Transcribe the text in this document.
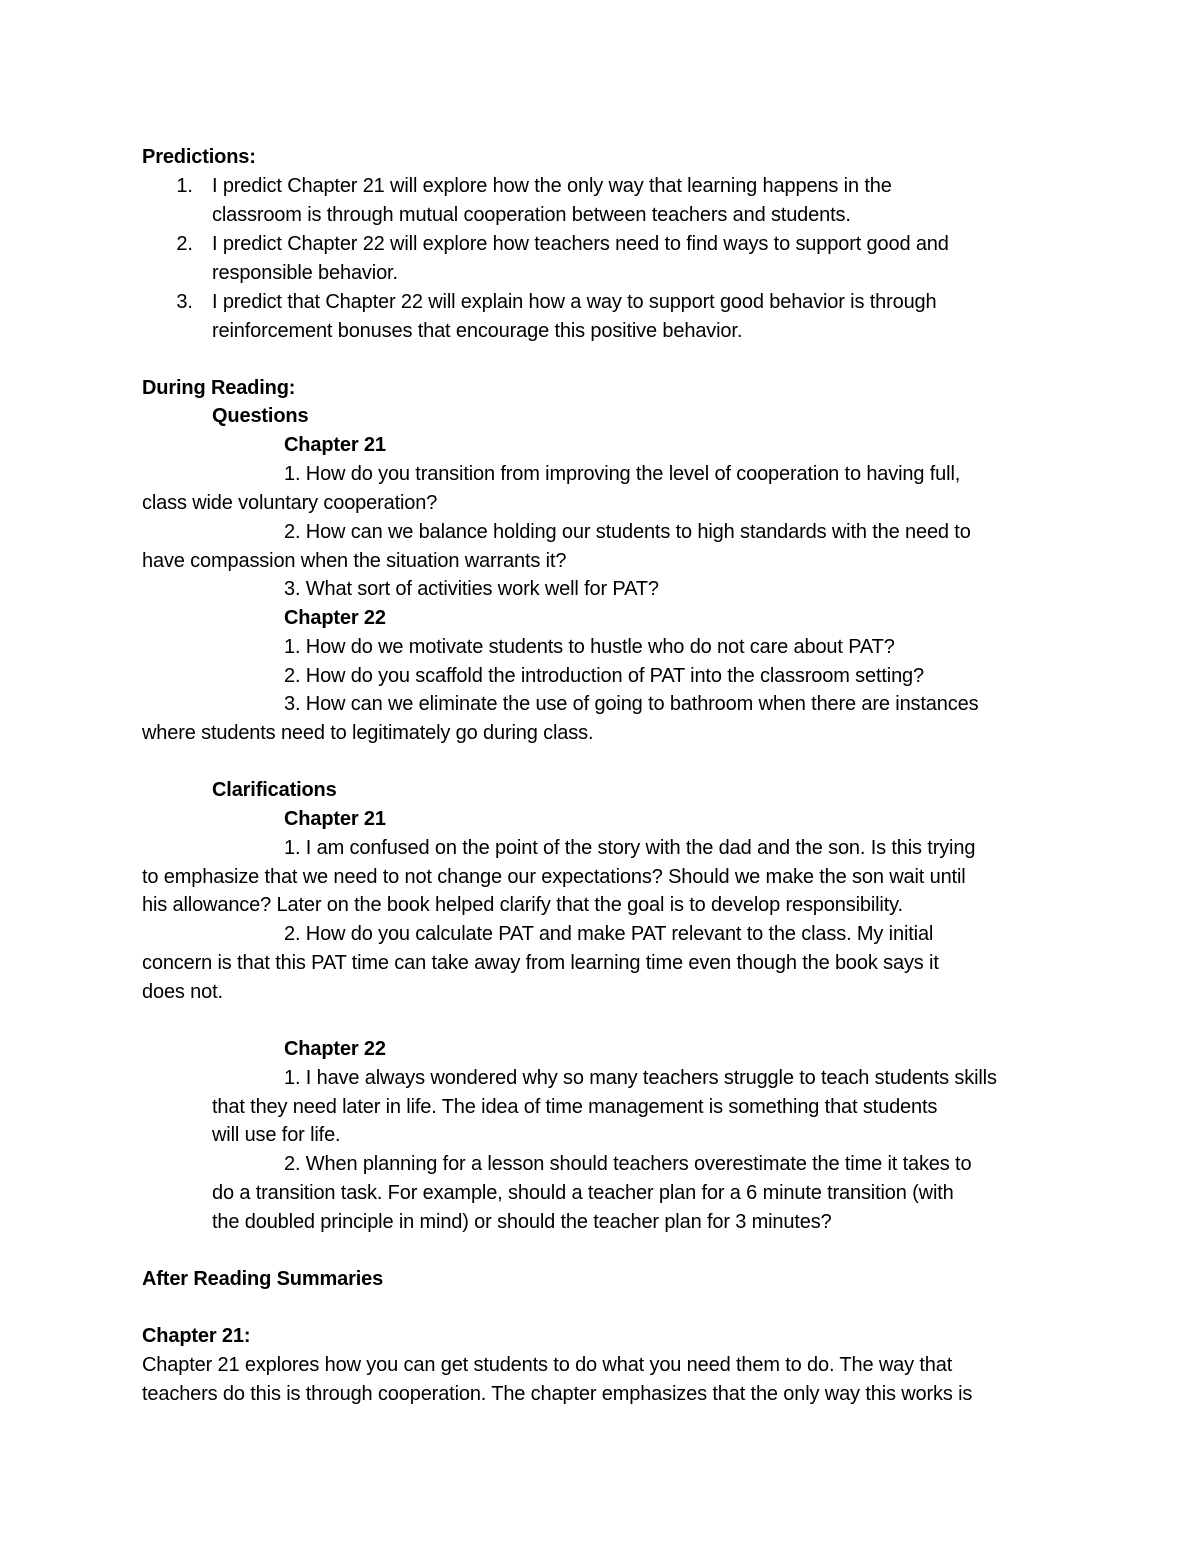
Predictions:
1. I predict Chapter 21 will explore how the only way that learning happens in the
classroom is through mutual cooperation between teachers and students.
2. I predict Chapter 22 will explore how teachers need to find ways to support good and
responsible behavior.
3. I predict that Chapter 22 will explain how a way to support good behavior is through
reinforcement bonuses that encourage this positive behavior.
During Reading:
Questions
Chapter 21
1. How do you transition from improving the level of cooperation to having full,
class wide voluntary cooperation?
2. How can we balance holding our students to high standards with the need to
have compassion when the situation warrants it?
3. What sort of activities work well for PAT?
Chapter 22
1. How do we motivate students to hustle who do not care about PAT?
2. How do you scaffold the introduction of PAT into the classroom setting?
3. How can we eliminate the use of going to bathroom when there are instances
where students need to legitimately go during class.
Clarifications
Chapter 21
1. I am confused on the point of the story with the dad and the son. Is this trying
to emphasize that we need to not change our expectations? Should we make the son wait until
his allowance? Later on the book helped clarify that the goal is to develop responsibility.
2. How do you calculate PAT and make PAT relevant to the class. My initial
concern is that this PAT time can take away from learning time even though the book says it
does not.
Chapter 22
1. I have always wondered why so many teachers struggle to teach students skills
that they need later in life. The idea of time management is something that students
will use for life.
2. When planning for a lesson should teachers overestimate the time it takes to
do a transition task. For example, should a teacher plan for a 6 minute transition (with
the doubled principle in mind) or should the teacher plan for 3 minutes?
After Reading Summaries
Chapter 21:
Chapter 21 explores how you can get students to do what you need them to do. The way that
teachers do this is through cooperation. The chapter emphasizes that the only way this works is
